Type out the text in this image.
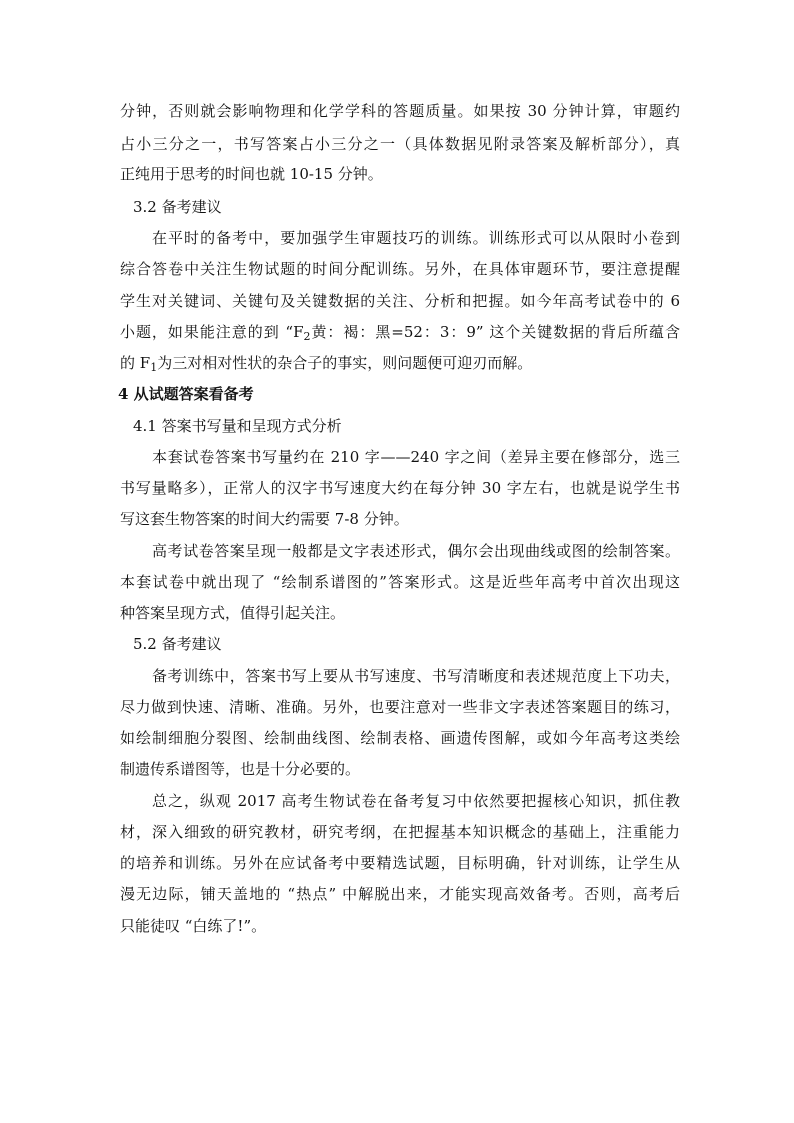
分钟，否则就会影响物理和化学学科的答题质量。如果按 30 分钟计算，审题约
占小三分之一，书写答案占小三分之一（具体数据见附录答案及解析部分），真
正纯用于思考的时间也就 10-15 分钟。
3.2 备考建议
在平时的备考中，要加强学生审题技巧的训练。训练形式可以从限时小卷到
综合答卷中关注生物试题的时间分配训练。另外，在具体审题环节，要注意提醒
学生对关键词、关键句及关键数据的关注、分析和把握。如今年高考试卷中的 6
小题，如果能注意的到 “$F_2$黄：褐：黑=52：3：9” 这个关键数据的背后所蕴含
的 $F_1$为三对相对性状的杂合子的事实，则问题便可迎刃而解。
4 从试题答案看备考
4.1 答案书写量和呈现方式分析
本套试卷答案书写量约在 210 字——240 字之间（差异主要在修部分，选三
书写量略多），正常人的汉字书写速度大约在每分钟 30 字左右，也就是说学生书
写这套生物答案的时间大约需要 7-8 分钟。
高考试卷答案呈现一般都是文字表述形式，偶尔会出现曲线或图的绘制答案。
本套试卷中就出现了 “绘制系谱图的”答案形式。这是近些年高考中首次出现这
种答案呈现方式，值得引起关注。
5.2 备考建议
备考训练中，答案书写上要从书写速度、书写清晰度和表述规范度上下功夫，
尽力做到快速、清晰、准确。另外，也要注意对一些非文字表述答案题目的练习，
如绘制细胞分裂图、绘制曲线图、绘制表格、画遗传图解，或如今年高考这类绘
制遗传系谱图等，也是十分必要的。
总之，纵观 2017 高考生物试卷在备考复习中依然要把握核心知识，抓住教
材，深入细致的研究教材，研究考纲，在把握基本知识概念的基础上，注重能力
的培养和训练。另外在应试备考中要精选试题，目标明确，针对训练，让学生从
漫无边际，铺天盖地的 “热点” 中解脱出来，才能实现高效备考。否则，高考后
只能徒叹 “白练了!”。
